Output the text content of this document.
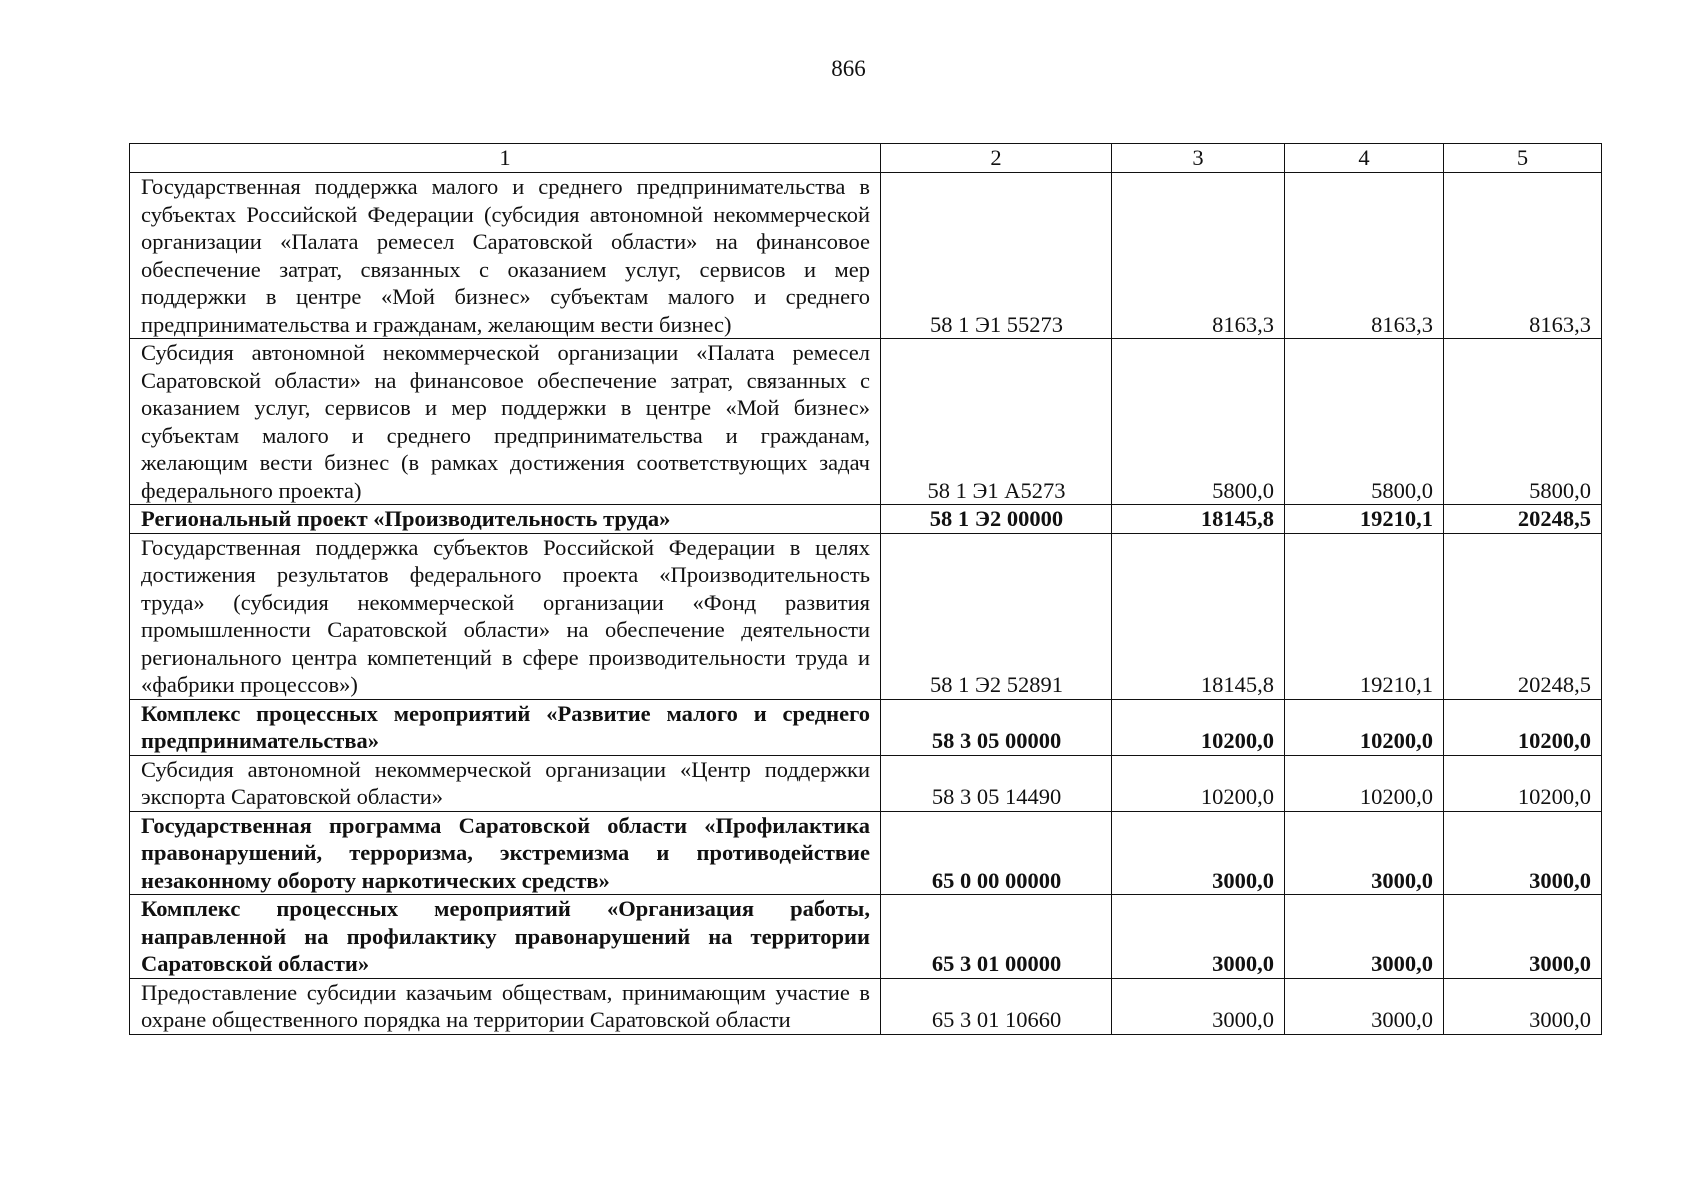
866
1	2	3	4	5
Государственная поддержка малого и среднего предпринимательства в субъектах Российской Федерации (субсидия автономной некоммерческой организации «Палата ремесел Саратовской области» на финансовое обеспечение затрат, связанных с оказанием услуг, сервисов и мер поддержки в центре «Мой бизнес» субъектам малого и среднего предпринимательства и гражданам, желающим вести бизнес)	58 1 Э1 55273	8163,3	8163,3	8163,3
Субсидия автономной некоммерческой организации «Палата ремесел Саратовской области» на финансовое обеспечение затрат, связанных с оказанием услуг, сервисов и мер поддержки в центре «Мой бизнес» субъектам малого и среднего предпринимательства и гражданам, желающим вести бизнес (в рамках достижения соответствующих задач федерального проекта)	58 1 Э1 А5273	5800,0	5800,0	5800,0
Региональный проект «Производительность труда»	58 1 Э2 00000	18145,8	19210,1	20248,5
Государственная поддержка субъектов Российской Федерации в целях достижения результатов федерального проекта «Производительность труда» (субсидия некоммерческой организации «Фонд развития промышленности Саратовской области» на обеспечение деятельности регионального центра компетенций в сфере производительности труда и «фабрики процессов»)	58 1 Э2 52891	18145,8	19210,1	20248,5
Комплекс процессных мероприятий «Развитие малого и среднего предпринимательства»	58 3 05 00000	10200,0	10200,0	10200,0
Субсидия автономной некоммерческой организации «Центр поддержки экспорта Саратовской области»	58 3 05 14490	10200,0	10200,0	10200,0
Государственная программа Саратовской области «Профилактика правонарушений, терроризма, экстремизма и противодействие незаконному обороту наркотических средств»	65 0 00 00000	3000,0	3000,0	3000,0
Комплекс процессных мероприятий «Организация работы, направленной на профилактику правонарушений на территории Саратовской области»	65 3 01 00000	3000,0	3000,0	3000,0
Предоставление субсидии казачьим обществам, принимающим участие в охране общественного порядка на территории Саратовской области	65 3 01 10660	3000,0	3000,0	3000,0
